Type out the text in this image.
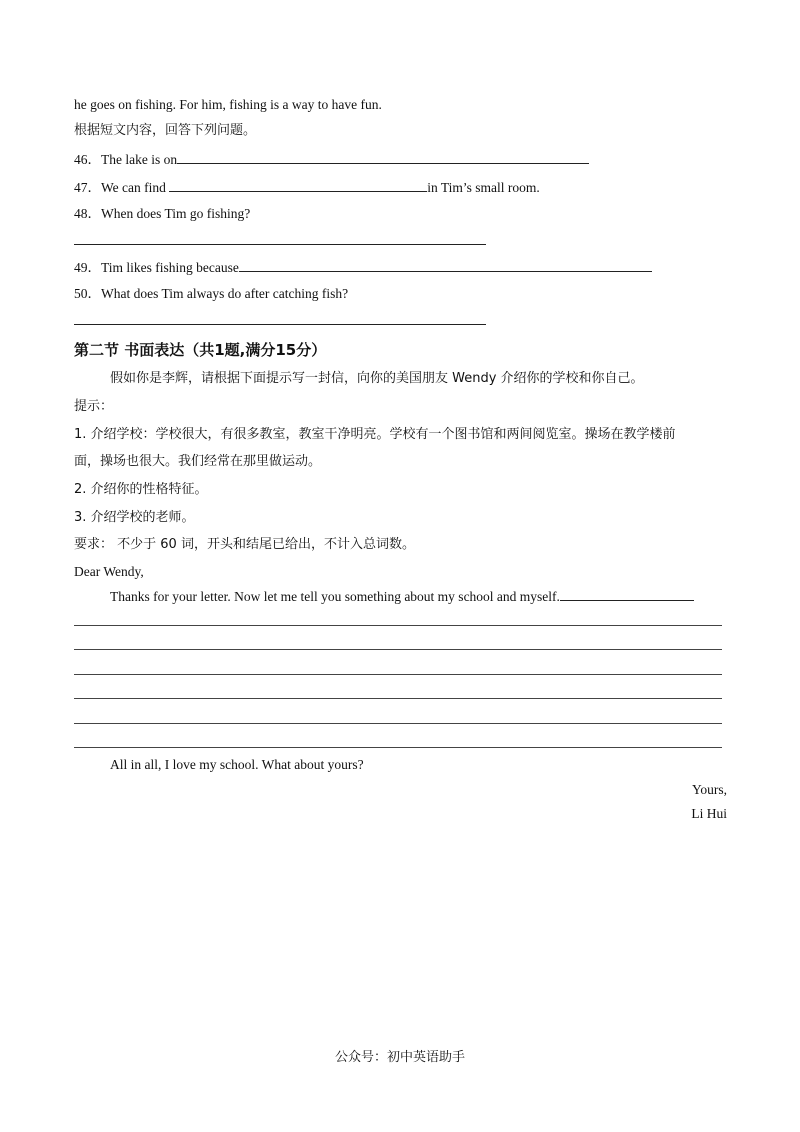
he goes on fishing. For him, fishing is a way to have fun.
根据短文内容，回答下列问题。
46．The lake is on
47．We can find	in Tim’s small room.
48．When does Tim go fishing?
49．Tim likes fishing because
50．What does Tim always do after catching fish?
第二节 书面表达（共1题,满分15分）
假如你是李辉，请根据下面提示写一封信，向你的美国朋友 Wendy 介绍你的学校和你自己。
提示：
1. 介绍学校：学校很大，有很多教室，教室干净明亮。学校有一个图书馆和两间阅览室。操场在教学楼前
面，操场也很大。我们经常在那里做运动。
2. 介绍你的性格特征。
3. 介绍学校的老师。
要求： 不少于 60 词，开头和结尾已给出，不计入总词数。
Dear Wendy,
Thanks for your letter. Now let me tell you something about my school and myself.
All in all, I love my school. What about yours?
Yours,
Li Hui
公众号：初中英语助手
